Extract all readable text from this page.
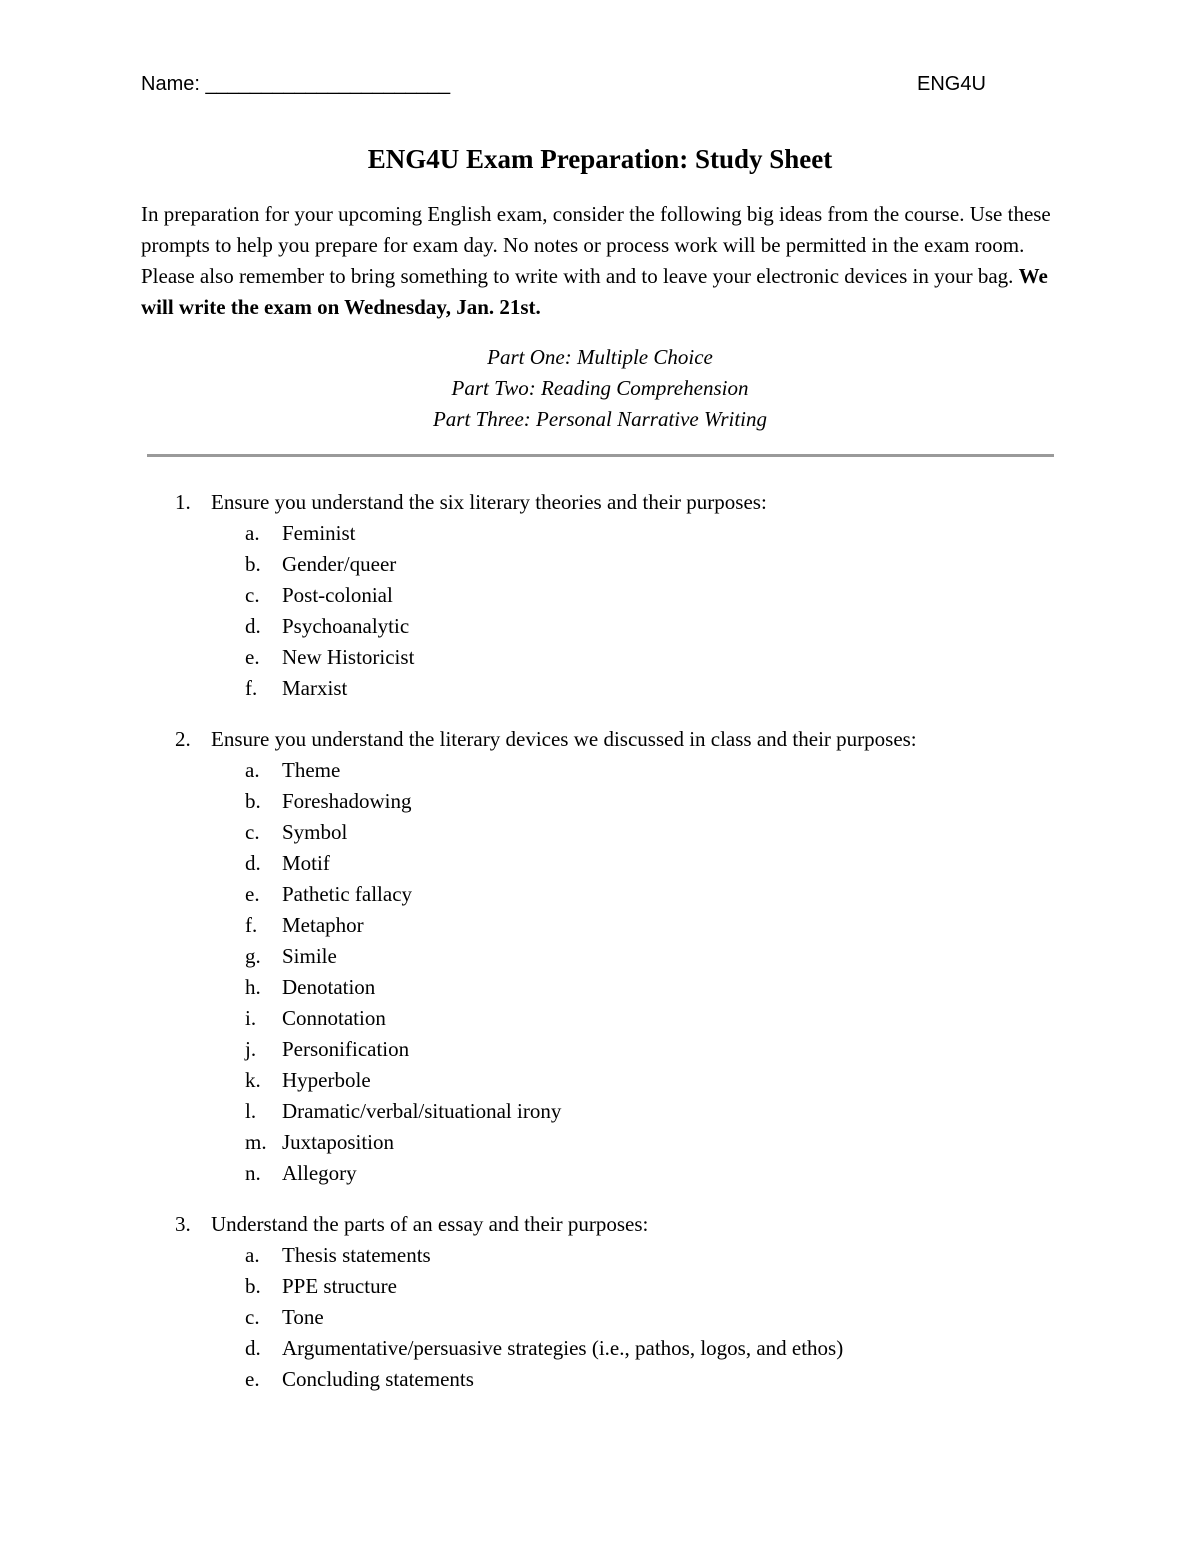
Name: ______________________	ENG4U
ENG4U Exam Preparation: Study Sheet

In preparation for your upcoming English exam, consider the following big ideas from the course. Use these prompts to help you prepare for exam day. No notes or process work will be permitted in the exam room. Please also remember to bring something to write with and to leave your electronic devices in your bag. We will write the exam on Wednesday, Jan. 21st.

Part One: Multiple Choice
Part Two: Reading Comprehension
Part Three: Personal Narrative Writing
1. Ensure you understand the six literary theories and their purposes:
a. Feminist
b. Gender/queer
c. Post-colonial
d. Psychoanalytic
e. New Historicist
f. Marxist
2. Ensure you understand the literary devices we discussed in class and their purposes:
a. Theme
b. Foreshadowing
c. Symbol
d. Motif
e. Pathetic fallacy
f. Metaphor
g. Simile
h. Denotation
i. Connotation
j. Personification
k. Hyperbole
l. Dramatic/verbal/situational irony
m. Juxtaposition
n. Allegory
3. Understand the parts of an essay and their purposes:
a. Thesis statements
b. PPE structure
c. Tone
d. Argumentative/persuasive strategies (i.e., pathos, logos, and ethos)
e. Concluding statements
